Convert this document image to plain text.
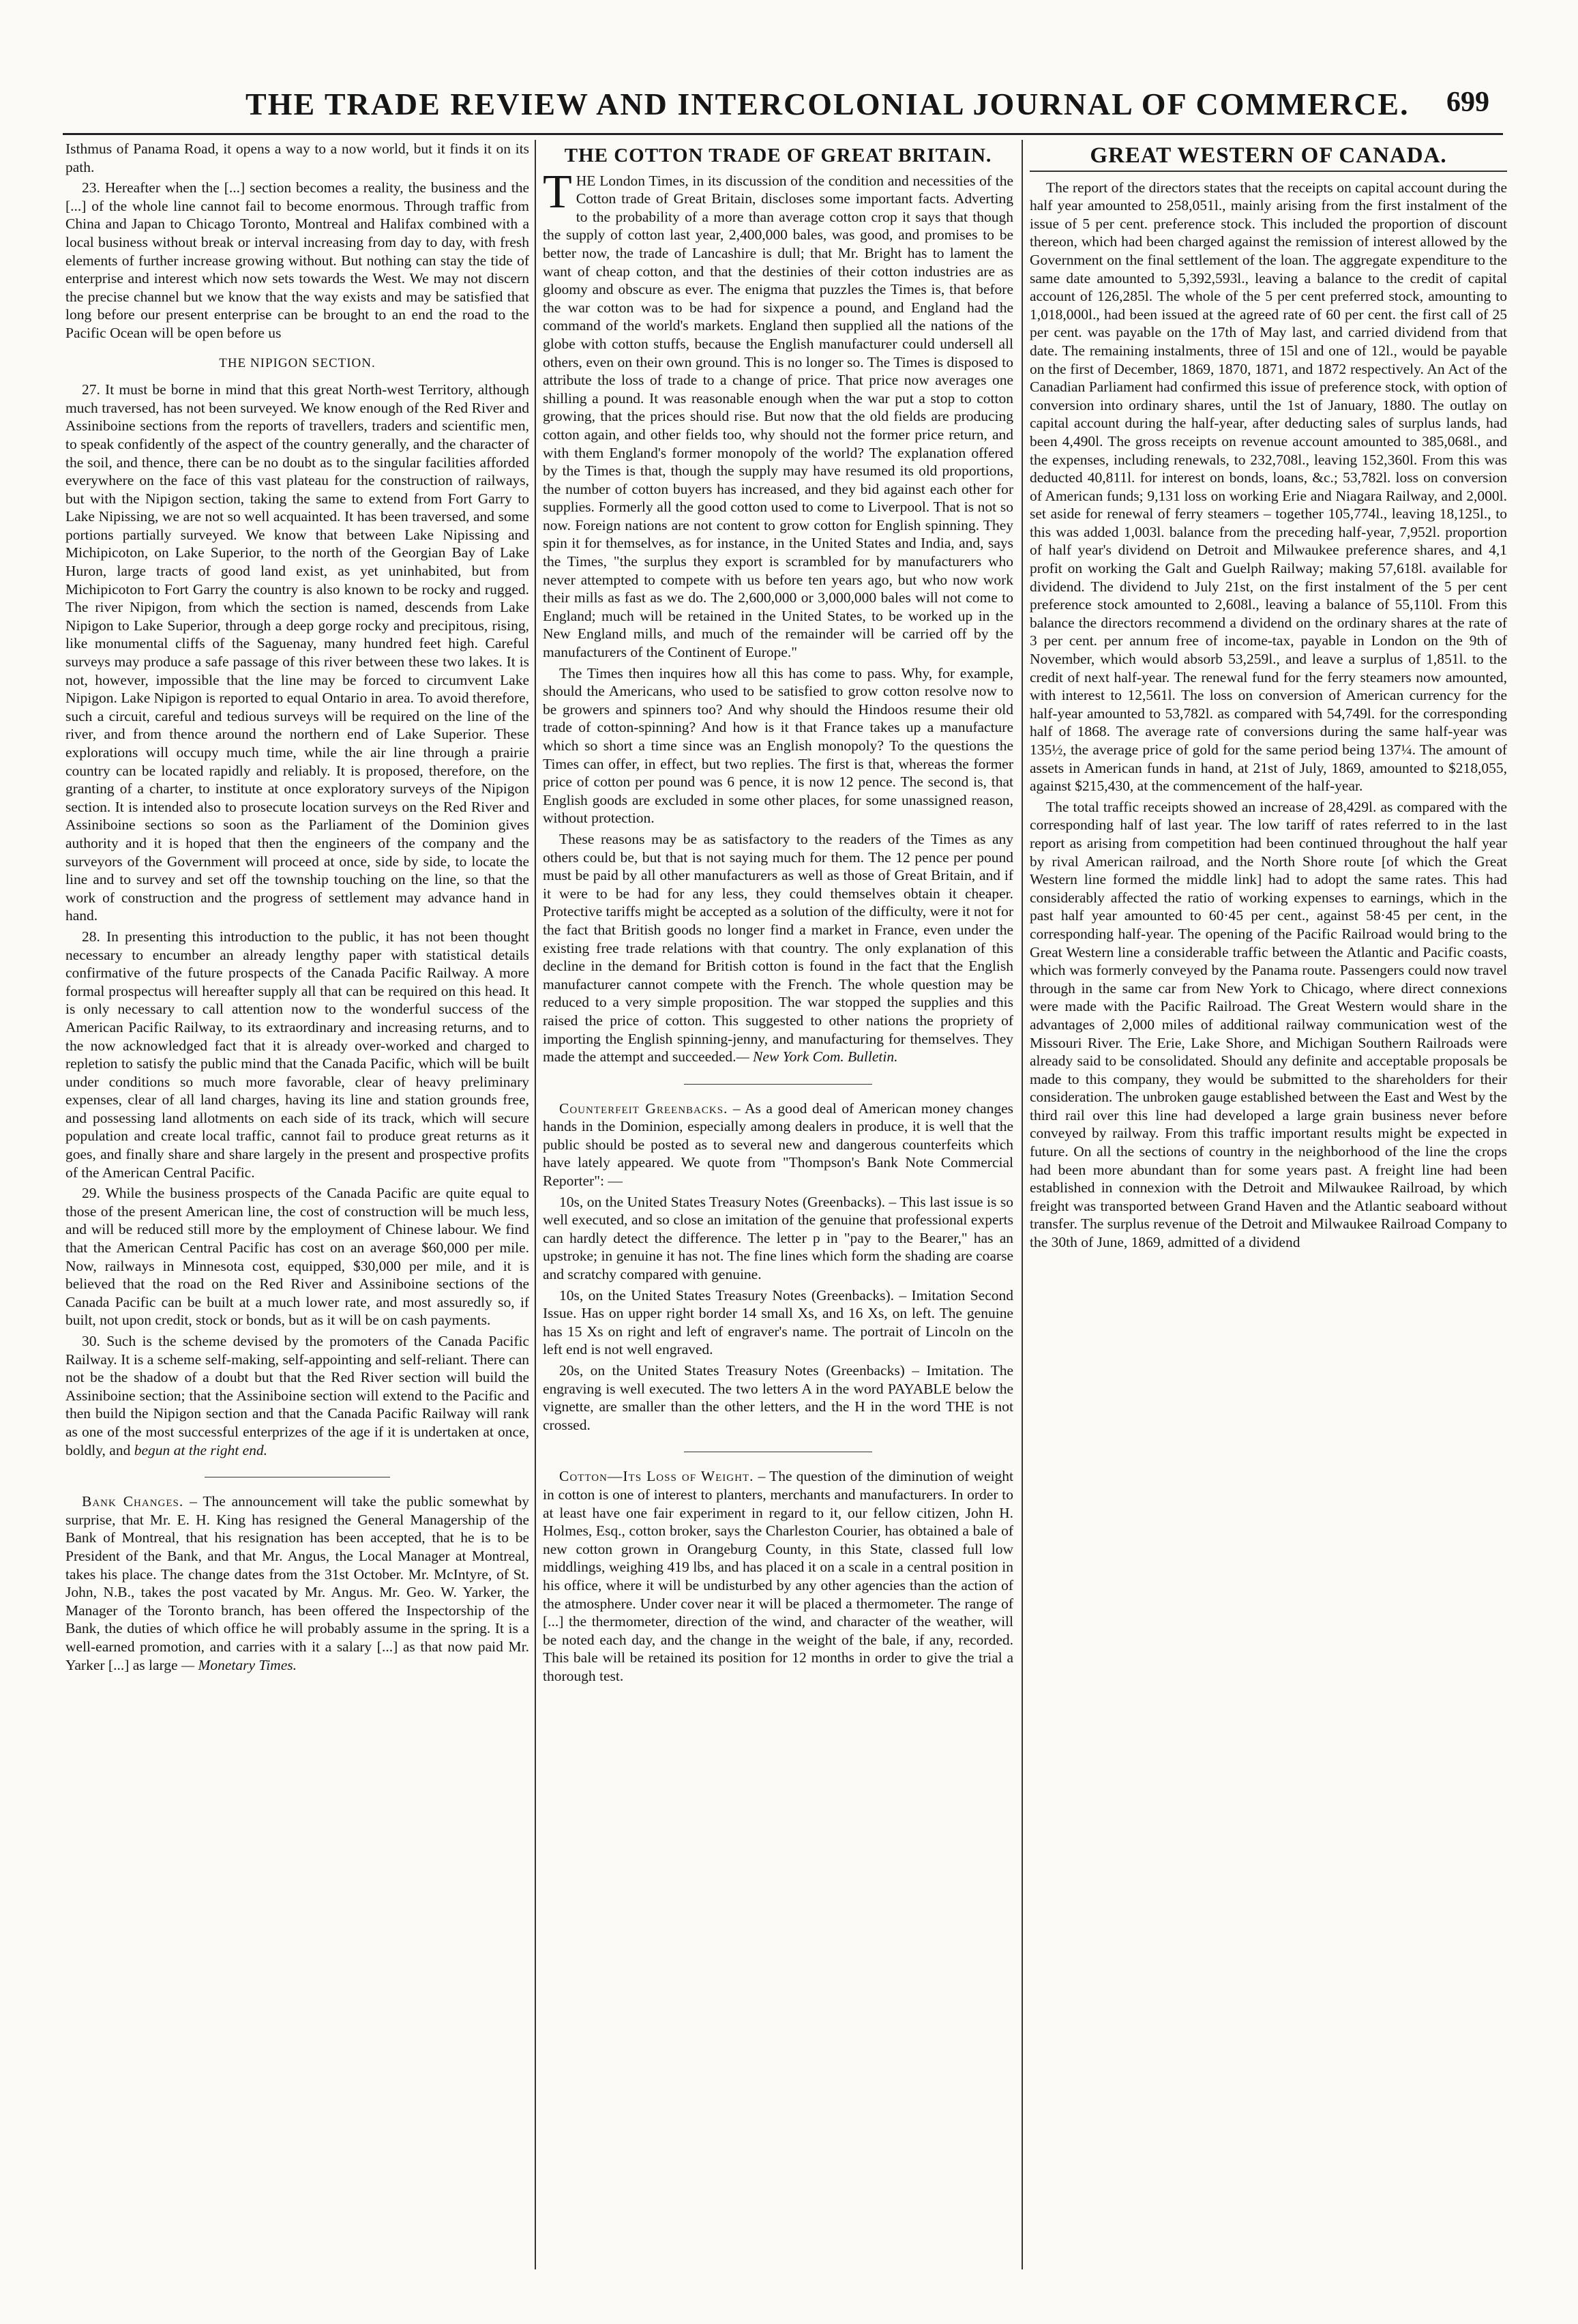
THE TRADE REVIEW AND INTERCOLONIAL JOURNAL OF COMMERCE. 699

Isthmus of Panama Road, it opens a way to a now world, but it finds it on its path.

23. Hereafter when the [...] section becomes a reality, the business and the [...] of the whole line cannot fail to become enormous. Through traffic from China and Japan to Chicago Toronto, Montreal and Halifax combined with a local business without break or interval increasing from day to day, with fresh elements of further increase growing without. But nothing can stay the tide of enterprise and interest which now sets towards the West. We may not discern the precise channel but we know that the way exists and may be satisfied that long before our present enterprise can be brought to an end the road to the Pacific Ocean will be open before us

THE NIPIGON SECTION.

27. It must be borne in mind that this great North-west Territory, although much traversed, has not been surveyed. We know enough of the Red River and Assiniboine sections from the reports of travellers, traders and scientific men, to speak confidently of the aspect of the country generally, and the character of the soil, and thence, there can be no doubt as to the singular facilities afforded everywhere on the face of this vast plateau for the construction of railways, but with the Nipigon section, taking the same to extend from Fort Garry to Lake Nipissing, we are not so well acquainted. It has been traversed, and some portions partially surveyed. We know that between Lake Nipissing and Michipicoton, on Lake Superior, to the north of the Georgian Bay of Lake Huron, large tracts of good land exist, as yet uninhabited, but from Michipicoton to Fort Garry the country is also known to be rocky and rugged. The river Nipigon, from which the section is named, descends from Lake Nipigon to Lake Superior, through a deep gorge rocky and precipitous, rising, like monumental cliffs of the Saguenay, many hundred feet high. Careful surveys may produce a safe passage of this river between these two lakes. It is not, however, impossible that the line may be forced to circumvent Lake Nipigon. Lake Nipigon is reported to equal Ontario in area. To avoid therefore, such a circuit, careful and tedious surveys will be required on the line of the river, and from thence around the northern end of Lake Superior. These explorations will occupy much time, while the air line through a prairie country can be located rapidly and reliably. It is proposed, therefore, on the granting of a charter, to institute at once exploratory surveys of the Nipigon section. It is intended also to prosecute location surveys on the Red River and Assiniboine sections so soon as the Parliament of the Dominion gives authority and it is hoped that then the engineers of the company and the surveyors of the Government will proceed at once, side by side, to locate the line and to survey and set off the township touching on the line, so that the work of construction and the progress of settlement may advance hand in hand.

28. In presenting this introduction to the public, it has not been thought necessary to encumber an already lengthy paper with statistical details confirmative of the future prospects of the Canada Pacific Railway. A more formal prospectus will hereafter supply all that can be required on this head. It is only necessary to call attention now to the wonderful success of the American Pacific Railway, to its extraordinary and increasing returns, and to the now acknowledged fact that it is already over-worked and charged to repletion to satisfy the public mind that the Canada Pacific, which will be built under conditions so much more favorable, clear of heavy preliminary expenses, clear of all land charges, having its line and station grounds free, and possessing land allotments on each side of its track, which will secure population and create local traffic, cannot fail to produce great returns as it goes, and finally share and share largely in the present and prospective profits of the American Central Pacific.

29. While the business prospects of the Canada Pacific are quite equal to those of the present American line, the cost of construction will be much less, and will be reduced still more by the employment of Chinese labour. We find that the American Central Pacific has cost on an average $60,000 per mile. Now, railways in Minnesota cost, equipped, $30,000 per mile, and it is believed that the road on the Red River and Assiniboine sections of the Canada Pacific can be built at a much lower rate, and most assuredly so, if built, not upon credit, stock or bonds, but as it will be on cash payments.

30. Such is the scheme devised by the promoters of the Canada Pacific Railway. It is a scheme self-making, self-appointing and self-reliant. There can not be the shadow of a doubt but that the Red River section will build the Assiniboine section; that the Assiniboine section will extend to the Pacific and then build the Nipigon section and that the Canada Pacific Railway will rank as one of the most successful enterprizes of the age if it is undertaken at once, boldly, and begun at the right end.

Bank Changes. – The announcement will take the public somewhat by surprise, that Mr. E. H. King has resigned the General Managership of the Bank of Montreal, that his resignation has been accepted, that he is to be President of the Bank, and that Mr. Angus, the Local Manager at Montreal, takes his place. The change dates from the 31st October. Mr. McIntyre, of St. John, N.B., takes the post vacated by Mr. Angus. Mr. Geo. W. Yarker, the Manager of the Toronto branch, has been offered the Inspectorship of the Bank, the duties of which office he will probably assume in the spring. It is a well-earned promotion, and carries with it a salary [...] as that now paid Mr. Yarker [...] as large — Monetary Times.

THE COTTON TRADE OF GREAT BRITAIN.

THE London Times, in its discussion of the condition and necessities of the Cotton trade of Great Britain, discloses some important facts. Adverting to the probability of a more than average cotton crop it says that though the supply of cotton last year, 2,400,000 bales, was good, and promises to be better now, the trade of Lancashire is dull; that Mr. Bright has to lament the want of cheap cotton, and that the destinies of their cotton industries are as gloomy and obscure as ever. The enigma that puzzles the Times is, that before the war cotton was to be had for sixpence a pound, and England had the command of the world's markets. England then supplied all the nations of the globe with cotton stuffs, because the English manufacturer could undersell all others, even on their own ground. This is no longer so. The Times is disposed to attribute the loss of trade to a change of price. That price now averages one shilling a pound. It was reasonable enough when the war put a stop to cotton growing, that the prices should rise. But now that the old fields are producing cotton again, and other fields too, why should not the former price return, and with them England's former monopoly of the world? The explanation offered by the Times is that, though the supply may have resumed its old proportions, the number of cotton buyers has increased, and they bid against each other for supplies. Formerly all the good cotton used to come to Liverpool. That is not so now. Foreign nations are not content to grow cotton for English spinning. They spin it for themselves, as for instance, in the United States and India, and, says the Times, "the surplus they export is scrambled for by manufacturers who never attempted to compete with us before ten years ago, but who now work their mills as fast as we do. The 2,600,000 or 3,000,000 bales will not come to England; much will be retained in the United States, to be worked up in the New England mills, and much of the remainder will be carried off by the manufacturers of the Continent of Europe."

The Times then inquires how all this has come to pass. Why, for example, should the Americans, who used to be satisfied to grow cotton resolve now to be growers and spinners too? And why should the Hindoos resume their old trade of cotton-spinning? And how is it that France takes up a manufacture which so short a time since was an English monopoly? To the questions the Times can offer, in effect, but two replies. The first is that, whereas the former price of cotton per pound was 6 pence, it is now 12 pence. The second is, that English goods are excluded in some other places, for some unassigned reason, without protection.

These reasons may be as satisfactory to the readers of the Times as any others could be, but that is not saying much for them. The 12 pence per pound must be paid by all other manufacturers as well as those of Great Britain, and if it were to be had for any less, they could themselves obtain it cheaper. Protective tariffs might be accepted as a solution of the difficulty, were it not for the fact that British goods no longer find a market in France, even under the existing free trade relations with that country. The only explanation of this decline in the demand for British cotton is found in the fact that the English manufacturer cannot compete with the French. The whole question may be reduced to a very simple proposition. The war stopped the supplies and this raised the price of cotton. This suggested to other nations the propriety of importing the English spinning-jenny, and manufacturing for themselves. They made the attempt and succeeded.— New York Com. Bulletin.

Counterfeit Greenbacks. – As a good deal of American money changes hands in the Dominion, especially among dealers in produce, it is well that the public should be posted as to several new and dangerous counterfeits which have lately appeared. We quote from "Thompson's Bank Note Commercial Reporter": —

10s, on the United States Treasury Notes (Greenbacks). – This last issue is so well executed, and so close an imitation of the genuine that professional experts can hardly detect the difference. The letter p in "pay to the Bearer," has an upstroke; in genuine it has not. The fine lines which form the shading are coarse and scratchy compared with genuine.

10s, on the United States Treasury Notes (Greenbacks). – Imitation Second Issue. Has on upper right border 14 small Xs, and 16 Xs, on left. The genuine has 15 Xs on right and left of engraver's name. The portrait of Lincoln on the left end is not well engraved.

20s, on the United States Treasury Notes (Greenbacks) – Imitation. The engraving is well executed. The two letters A in the word PAYABLE below the vignette, are smaller than the other letters, and the H in the word THE is not crossed.

Cotton—Its Loss of Weight. – The question of the diminution of weight in cotton is one of interest to planters, merchants and manufacturers. In order to at least have one fair experiment in regard to it, our fellow citizen, John H. Holmes, Esq., cotton broker, says the Charleston Courier, has obtained a bale of new cotton grown in Orangeburg County, in this State, classed full low middlings, weighing 419 lbs, and has placed it on a scale in a central position in his office, where it will be undisturbed by any other agencies than the action of the atmosphere. Under cover near it will be placed a thermometer. The range of [...] the thermometer, direction of the wind, and character of the weather, will be noted each day, and the change in the weight of the bale, if any, recorded. This bale will be retained its position for 12 months in order to give the trial a thorough test.

GREAT WESTERN OF CANADA.

The report of the directors states that the receipts on capital account during the half year amounted to 258,051l., mainly arising from the first instalment of the issue of 5 per cent. preference stock. This included the proportion of discount thereon, which had been charged against the remission of interest allowed by the Government on the final settlement of the loan. The aggregate expenditure to the same date amounted to 5,392,593l., leaving a balance to the credit of capital account of 126,285l. The whole of the 5 per cent preferred stock, amounting to 1,018,000l., had been issued at the agreed rate of 60 per cent. the first call of 25 per cent. was payable on the 17th of May last, and carried dividend from that date. The remaining instalments, three of 15l and one of 12l., would be payable on the first of December, 1869, 1870, 1871, and 1872 respectively. An Act of the Canadian Parliament had confirmed this issue of preference stock, with option of conversion into ordinary shares, until the 1st of January, 1880. The outlay on capital account during the half-year, after deducting sales of surplus lands, had been 4,490l. The gross receipts on revenue account amounted to 385,068l., and the expenses, including renewals, to 232,708l., leaving 152,360l. From this was deducted 40,811l. for interest on bonds, loans, &c.; 53,782l. loss on conversion of American funds; 9,131 loss on working Erie and Niagara Railway, and 2,000l. set aside for renewal of ferry steamers – together 105,774l., leaving 18,125l., to this was added 1,003l. balance from the preceding half-year, 7,952l. proportion of half year's dividend on Detroit and Milwaukee preference shares, and 4,1 profit on working the Galt and Guelph Railway; making 57,618l. available for dividend. The dividend to July 21st, on the first instalment of the 5 per cent preference stock amounted to 2,608l., leaving a balance of 55,110l. From this balance the directors recommend a dividend on the ordinary shares at the rate of 3 per cent. per annum free of income-tax, payable in London on the 9th of November, which would absorb 53,259l., and leave a surplus of 1,851l. to the credit of next half-year. The renewal fund for the ferry steamers now amounted, with interest to 12,561l. The loss on conversion of American currency for the half-year amounted to 53,782l. as compared with 54,749l. for the corresponding half of 1868. The average rate of conversions during the same half-year was 135½, the average price of gold for the same period being 137¼. The amount of assets in American funds in hand, at 21st of July, 1869, amounted to $218,055, against $215,430, at the commencement of the half-year.

The total traffic receipts showed an increase of 28,429l. as compared with the corresponding half of last year. The low tariff of rates referred to in the last report as arising from competition had been continued throughout the half year by rival American railroad, and the North Shore route [of which the Great Western line formed the middle link] had to adopt the same rates. This had considerably affected the ratio of working expenses to earnings, which in the past half year amounted to 60·45 per cent., against 58·45 per cent, in the corresponding half-year. The opening of the Pacific Railroad would bring to the Great Western line a considerable traffic between the Atlantic and Pacific coasts, which was formerly conveyed by the Panama route. Passengers could now travel through in the same car from New York to Chicago, where direct connexions were made with the Pacific Railroad. The Great Western would share in the advantages of 2,000 miles of additional railway communication west of the Missouri River. The Erie, Lake Shore, and Michigan Southern Railroads were already said to be consolidated. Should any definite and acceptable proposals be made to this company, they would be submitted to the shareholders for their consideration. The unbroken gauge established between the East and West by the third rail over this line had developed a large grain business never before conveyed by railway. From this traffic important results might be expected in future. On all the sections of country in the neighborhood of the line the crops had been more abundant than for some years past. A freight line had been established in connexion with the Detroit and Milwaukee Railroad, by which freight was transported between Grand Haven and the Atlantic seaboard without transfer. The surplus revenue of the Detroit and Milwaukee Railroad Company to the 30th of June, 1869, admitted of a dividend
